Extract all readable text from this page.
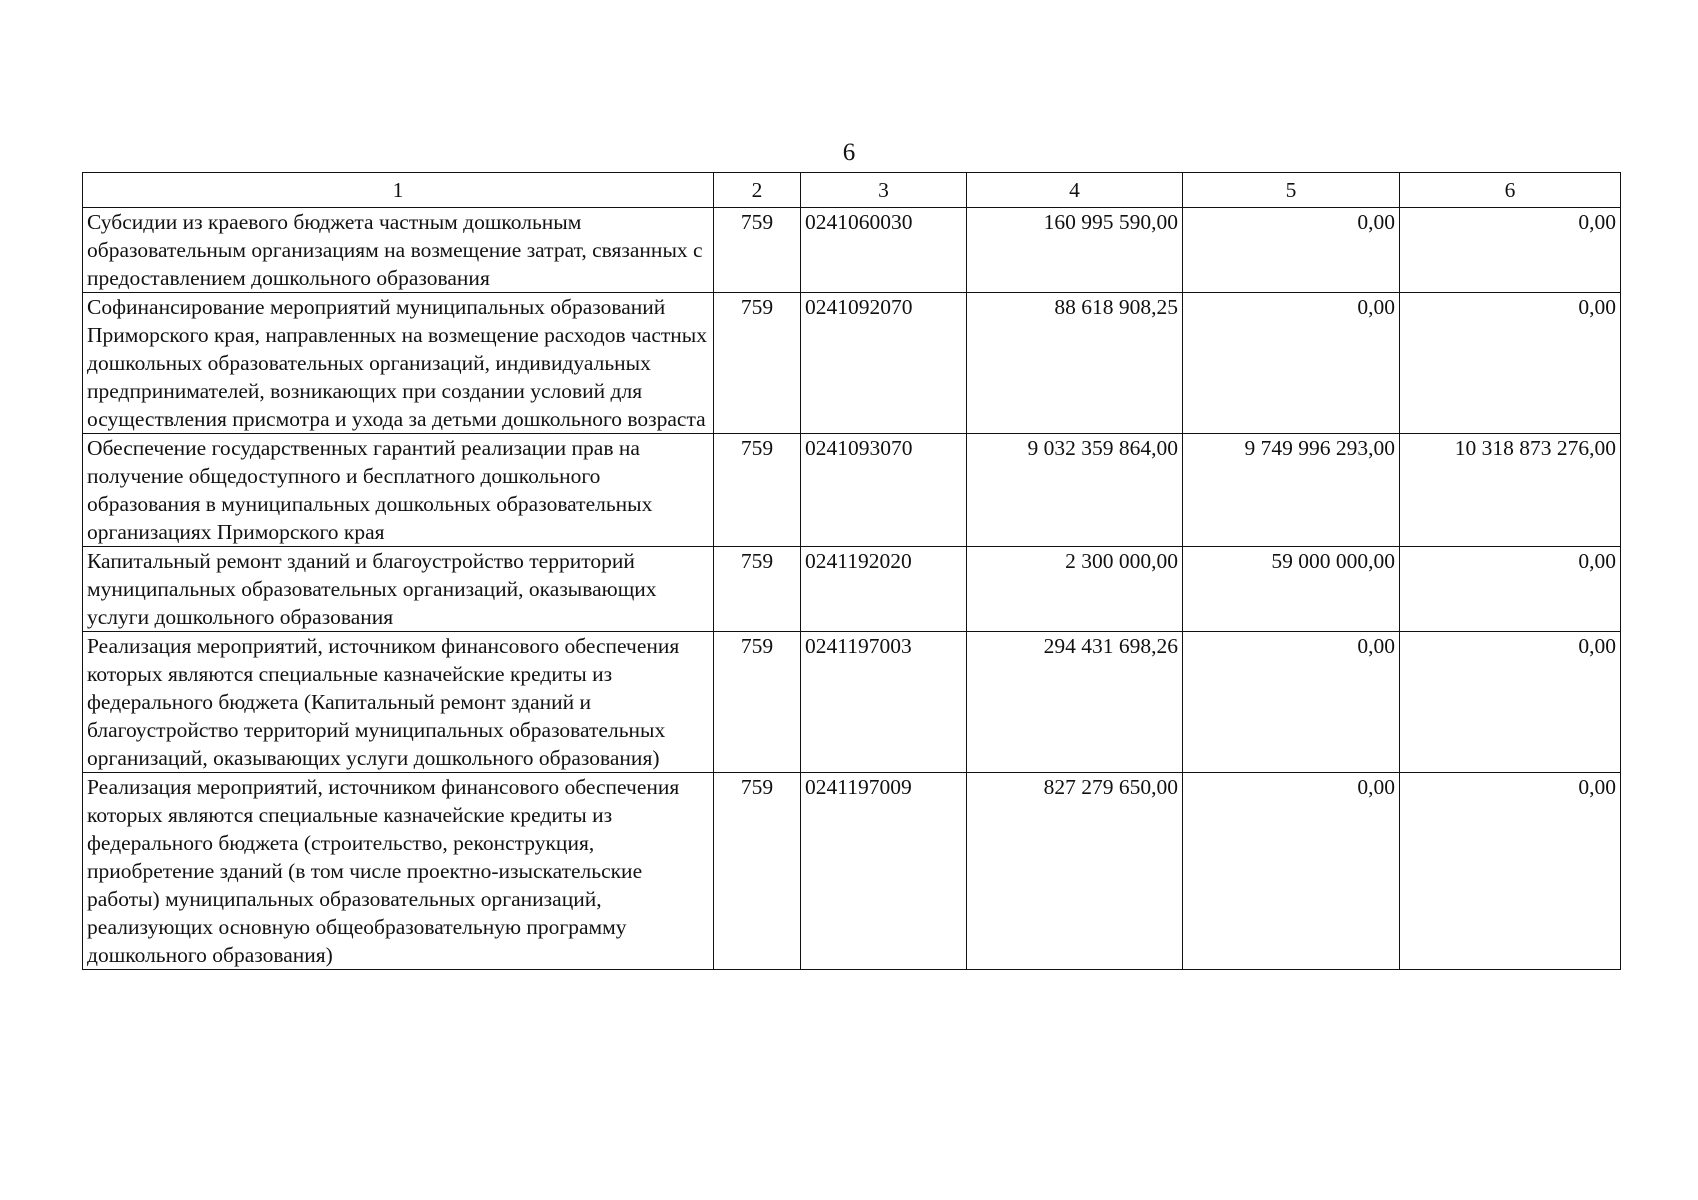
6
1	2	3	4	5	6
Субсидии из краевого бюджета частным дошкольным образовательным организациям на возмещение затрат, связанных с предоставлением дошкольного образования	759	0241060030	160 995 590,00	0,00	0,00
Софинансирование мероприятий муниципальных образований Приморского края, направленных на возмещение расходов частных дошкольных образовательных организаций, индивидуальных предпринимателей, возникающих при создании условий для осуществления присмотра и ухода за детьми дошкольного возраста	759	0241092070	88 618 908,25	0,00	0,00
Обеспечение государственных гарантий реализации прав на получение общедоступного и бесплатного дошкольного образования в муниципальных дошкольных образовательных организациях Приморского края	759	0241093070	9 032 359 864,00	9 749 996 293,00	10 318 873 276,00
Капитальный ремонт зданий и благоустройство территорий муниципальных образовательных организаций, оказывающих услуги дошкольного образования	759	0241192020	2 300 000,00	59 000 000,00	0,00
Реализация мероприятий, источником финансового обеспечения которых являются специальные казначейские кредиты из федерального бюджета (Капитальный ремонт зданий и благоустройство территорий муниципальных образовательных организаций, оказывающих услуги дошкольного образования)	759	0241197003	294 431 698,26	0,00	0,00
Реализация мероприятий, источником финансового обеспечения которых являются специальные казначейские кредиты из федерального бюджета (строительство, реконструкция, приобретение зданий (в том числе проектно-изыскательские работы) муниципальных образовательных организаций, реализующих основную общеобразовательную программу дошкольного образования)	759	0241197009	827 279 650,00	0,00	0,00
